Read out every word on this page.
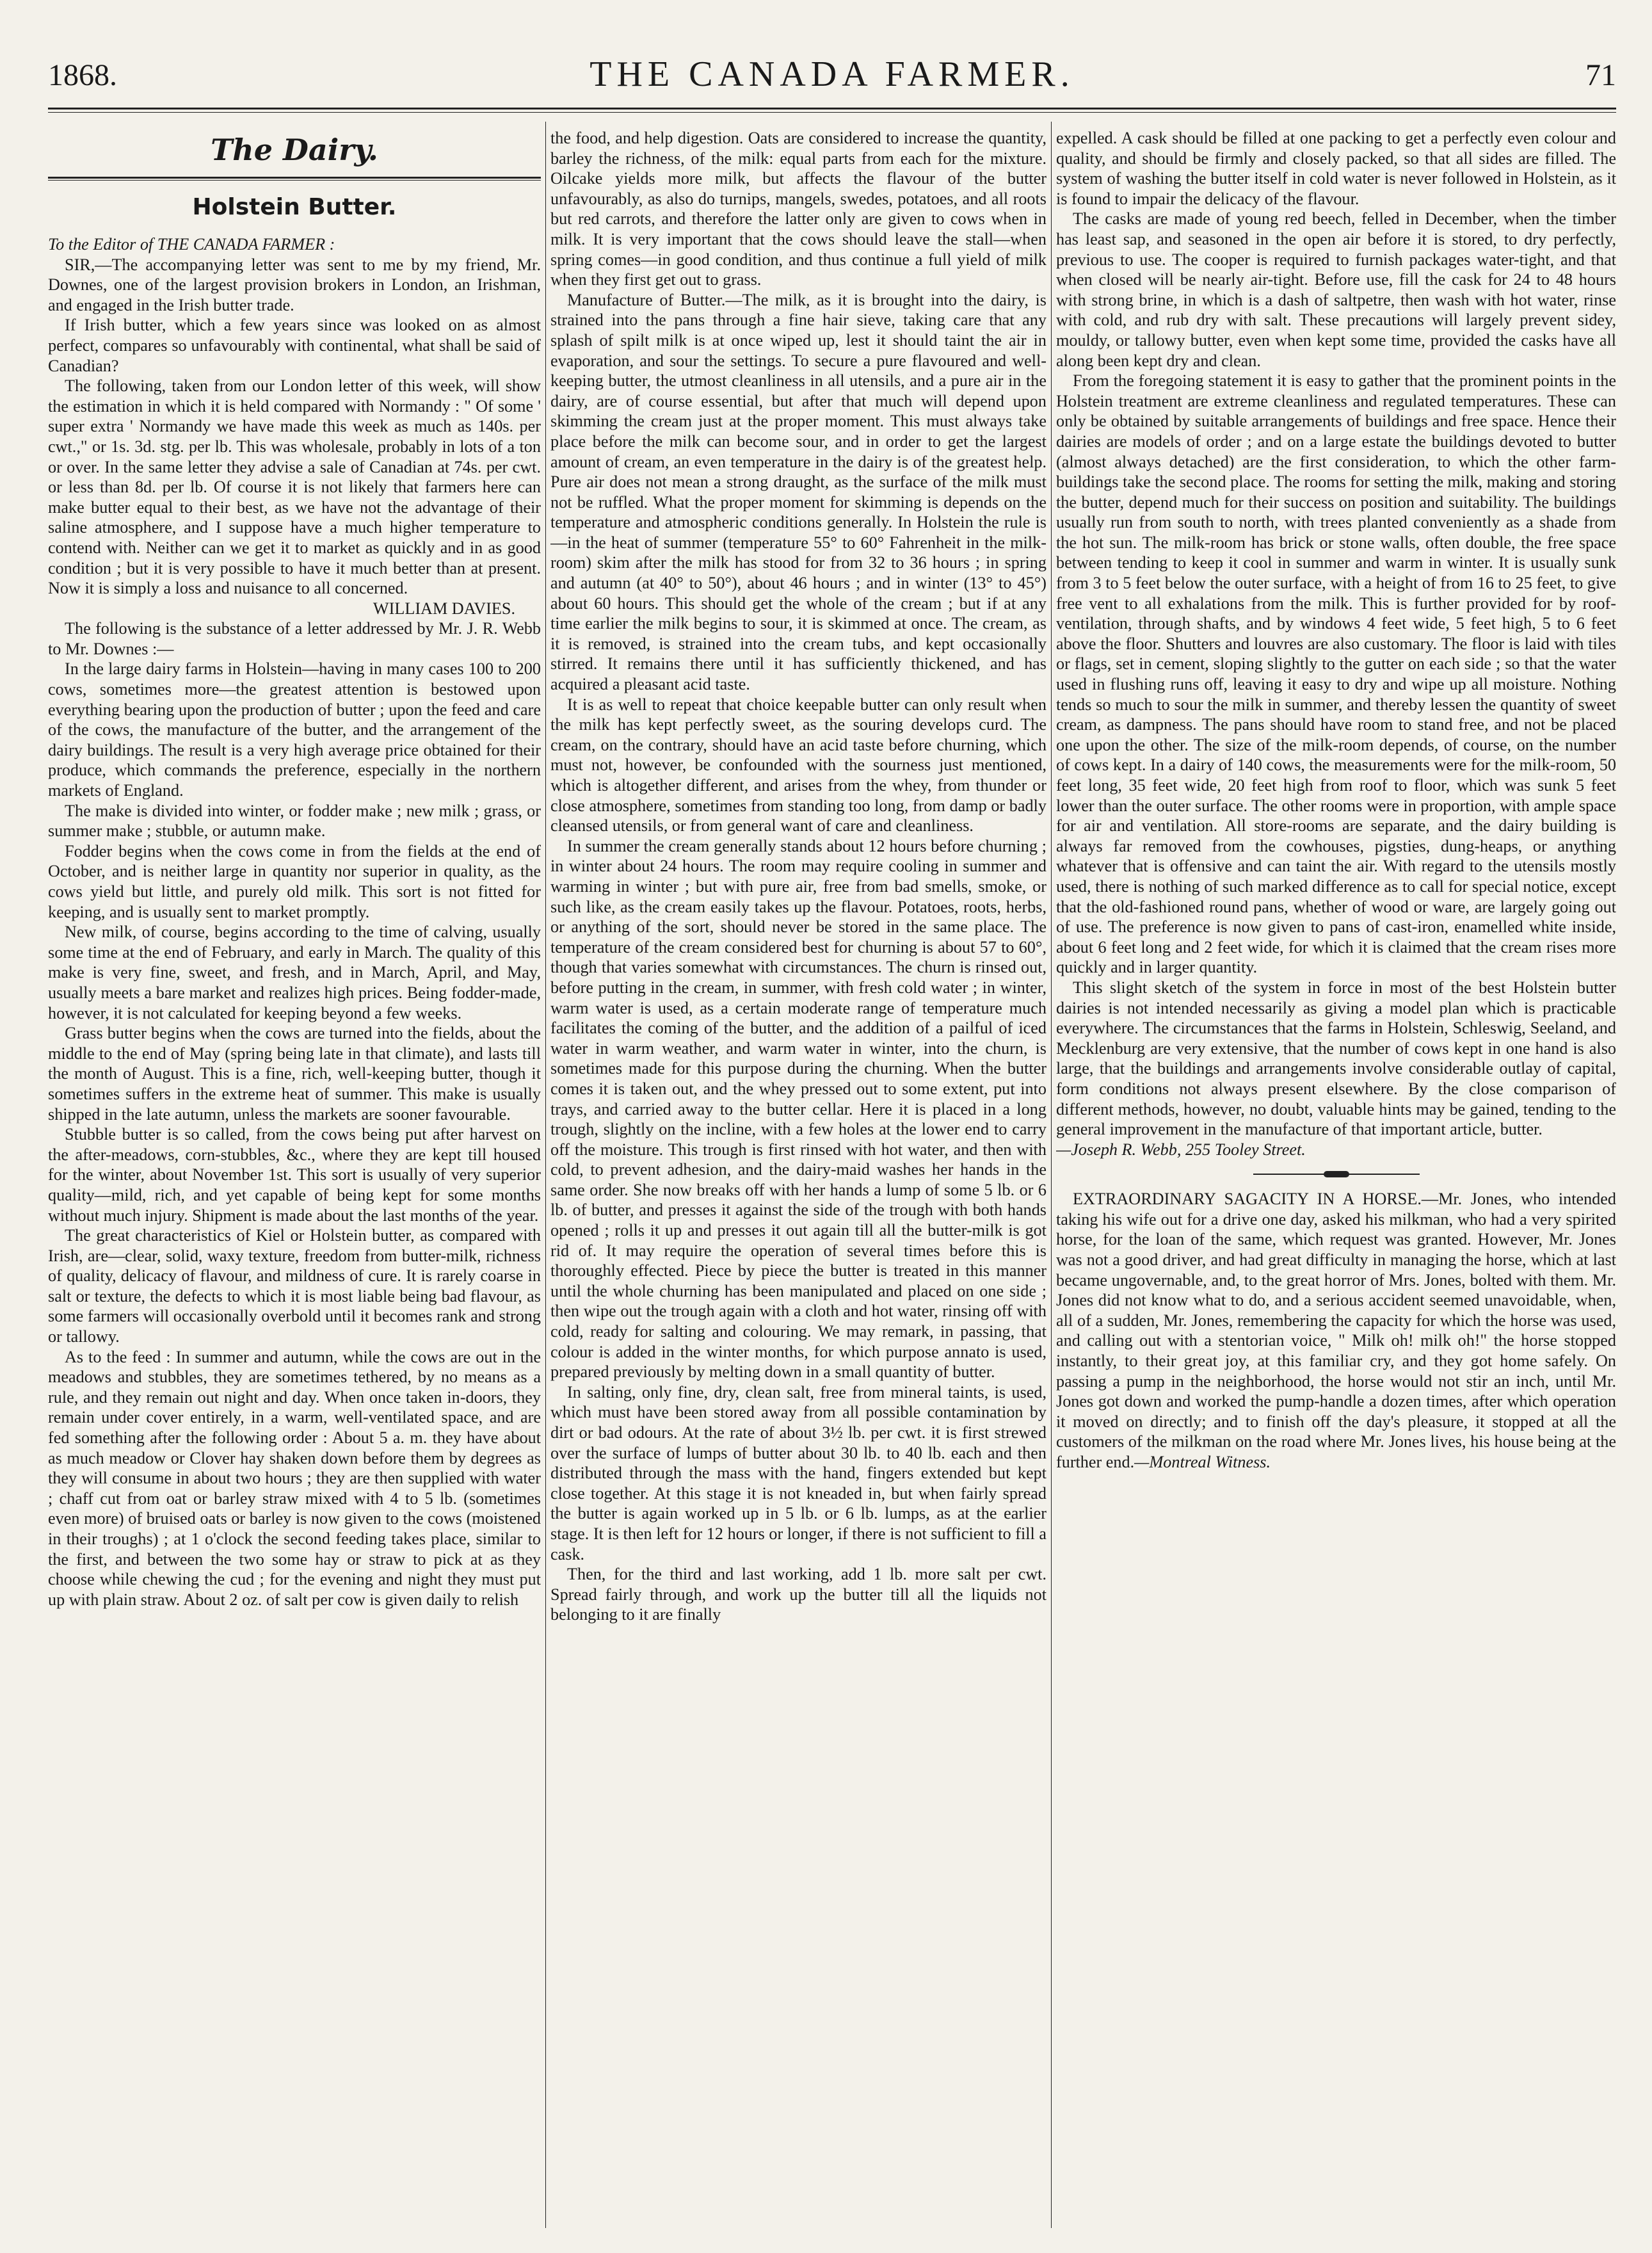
1868.	THE CANADA FARMER.	71
The Dairy.
Holstein Butter.

To the Editor of THE CANADA FARMER :

SIR,—The accompanying letter was sent to me by my friend, Mr. Downes, one of the largest provision brokers in London, an Irishman, and engaged in the Irish butter trade.

If Irish butter, which a few years since was looked on as almost perfect, compares so unfavourably with continental, what shall be said of Canadian?

The following, taken from our London letter of this week, will show the estimation in which it is held compared with Normandy : " Of some ' super extra ' Normandy we have made this week as much as 140s. per cwt.," or 1s. 3d. stg. per lb. This was wholesale, probably in lots of a ton or over. In the same letter they advise a sale of Canadian at 74s. per cwt. or less than 8d. per lb. Of course it is not likely that farmers here can make butter equal to their best, as we have not the advantage of their saline atmosphere, and I suppose have a much higher temperature to contend with. Neither can we get it to market as quickly and in as good condition ; but it is very possible to have it much better than at present. Now it is simply a loss and nuisance to all concerned.

WILLIAM DAVIES.

The following is the substance of a letter addressed by Mr. J. R. Webb to Mr. Downes :—

In the large dairy farms in Holstein—having in many cases 100 to 200 cows, sometimes more—the greatest attention is bestowed upon everything bearing upon the production of butter ; upon the feed and care of the cows, the manufacture of the butter, and the arrangement of the dairy buildings. The result is a very high average price obtained for their produce, which commands the preference, especially in the northern markets of England.

The make is divided into winter, or fodder make ; new milk ; grass, or summer make ; stubble, or autumn make.

Fodder begins when the cows come in from the fields at the end of October, and is neither large in quantity nor superior in quality, as the cows yield but little, and purely old milk. This sort is not fitted for keeping, and is usually sent to market promptly.

New milk, of course, begins according to the time of calving, usually some time at the end of February, and early in March. The quality of this make is very fine, sweet, and fresh, and in March, April, and May, usually meets a bare market and realizes high prices. Being fodder-made, however, it is not calculated for keeping beyond a few weeks.

Grass butter begins when the cows are turned into the fields, about the middle to the end of May (spring being late in that climate), and lasts till the month of August. This is a fine, rich, well-keeping butter, though it sometimes suffers in the extreme heat of summer. This make is usually shipped in the late autumn, unless the markets are sooner favourable.

Stubble butter is so called, from the cows being put after harvest on the after-meadows, corn-stubbles, &c., where they are kept till housed for the winter, about November 1st. This sort is usually of very superior quality—mild, rich, and yet capable of being kept for some months without much injury. Shipment is made about the last months of the year.

The great characteristics of Kiel or Holstein butter, as compared with Irish, are—clear, solid, waxy texture, freedom from butter-milk, richness of quality, delicacy of flavour, and mildness of cure. It is rarely coarse in salt or texture, the defects to which it is most liable being bad flavour, as some farmers will occasionally overbold until it becomes rank and strong or tallowy.

As to the feed : In summer and autumn, while the cows are out in the meadows and stubbles, they are sometimes tethered, by no means as a rule, and they remain out night and day. When once taken in-doors, they remain under cover entirely, in a warm, well-ventilated space, and are fed something after the following order : About 5 a. m. they have about as much meadow or Clover hay shaken down before them by degrees as they will consume in about two hours ; they are then supplied with water ; chaff cut from oat or barley straw mixed with 4 to 5 lb. (sometimes even more) of bruised oats or barley is now given to the cows (moistened in their troughs) ; at 1 o'clock the second feeding takes place, similar to the first, and between the two some hay or straw to pick at as they choose while chewing the cud ; for the evening and night they must put up with plain straw. About 2 oz. of salt per cow is given daily to relish

the food, and help digestion. Oats are considered to increase the quantity, barley the richness, of the milk: equal parts from each for the mixture. Oilcake yields more milk, but affects the flavour of the butter unfavourably, as also do turnips, mangels, swedes, potatoes, and all roots but red carrots, and therefore the latter only are given to cows when in milk. It is very important that the cows should leave the stall—when spring comes—in good condition, and thus continue a full yield of milk when they first get out to grass.

Manufacture of Butter.—The milk, as it is brought into the dairy, is strained into the pans through a fine hair sieve, taking care that any splash of spilt milk is at once wiped up, lest it should taint the air in evaporation, and sour the settings. To secure a pure flavoured and well-keeping butter, the utmost cleanliness in all utensils, and a pure air in the dairy, are of course essential, but after that much will depend upon skimming the cream just at the proper moment. This must always take place before the milk can become sour, and in order to get the largest amount of cream, an even temperature in the dairy is of the greatest help. Pure air does not mean a strong draught, as the surface of the milk must not be ruffled. What the proper moment for skimming is depends on the temperature and atmospheric conditions generally. In Holstein the rule is—in the heat of summer (temperature 55° to 60° Fahrenheit in the milk-room) skim after the milk has stood for from 32 to 36 hours ; in spring and autumn (at 40° to 50°), about 46 hours ; and in winter (13° to 45°) about 60 hours. This should get the whole of the cream ; but if at any time earlier the milk begins to sour, it is skimmed at once. The cream, as it is removed, is strained into the cream tubs, and kept occasionally stirred. It remains there until it has sufficiently thickened, and has acquired a pleasant acid taste.

It is as well to repeat that choice keepable butter can only result when the milk has kept perfectly sweet, as the souring develops curd. The cream, on the contrary, should have an acid taste before churning, which must not, however, be confounded with the sourness just mentioned, which is altogether different, and arises from the whey, from thunder or close atmosphere, sometimes from standing too long, from damp or badly cleansed utensils, or from general want of care and cleanliness.

In summer the cream generally stands about 12 hours before churning ; in winter about 24 hours. The room may require cooling in summer and warming in winter ; but with pure air, free from bad smells, smoke, or such like, as the cream easily takes up the flavour. Potatoes, roots, herbs, or anything of the sort, should never be stored in the same place. The temperature of the cream considered best for churning is about 57 to 60°, though that varies somewhat with circumstances. The churn is rinsed out, before putting in the cream, in summer, with fresh cold water ; in winter, warm water is used, as a certain moderate range of temperature much facilitates the coming of the butter, and the addition of a pailful of iced water in warm weather, and warm water in winter, into the churn, is sometimes made for this purpose during the churning. When the butter comes it is taken out, and the whey pressed out to some extent, put into trays, and carried away to the butter cellar. Here it is placed in a long trough, slightly on the incline, with a few holes at the lower end to carry off the moisture. This trough is first rinsed with hot water, and then with cold, to prevent adhesion, and the dairy-maid washes her hands in the same order. She now breaks off with her hands a lump of some 5 lb. or 6 lb. of butter, and presses it against the side of the trough with both hands opened ; rolls it up and presses it out again till all the butter-milk is got rid of. It may require the operation of several times before this is thoroughly effected. Piece by piece the butter is treated in this manner until the whole churning has been manipulated and placed on one side ; then wipe out the trough again with a cloth and hot water, rinsing off with cold, ready for salting and colouring. We may remark, in passing, that colour is added in the winter months, for which purpose annato is used, prepared previously by melting down in a small quantity of butter.

In salting, only fine, dry, clean salt, free from mineral taints, is used, which must have been stored away from all possible contamination by dirt or bad odours. At the rate of about 3½ lb. per cwt. it is first strewed over the surface of lumps of butter about 30 lb. to 40 lb. each and then distributed through the mass with the hand, fingers extended but kept close together. At this stage it is not kneaded in, but when fairly spread the butter is again worked up in 5 lb. or 6 lb. lumps, as at the earlier stage. It is then left for 12 hours or longer, if there is not sufficient to fill a cask.

Then, for the third and last working, add 1 lb. more salt per cwt. Spread fairly through, and work up the butter till all the liquids not belonging to it are finally

expelled. A cask should be filled at one packing to get a perfectly even colour and quality, and should be firmly and closely packed, so that all sides are filled. The system of washing the butter itself in cold water is never followed in Holstein, as it is found to impair the delicacy of the flavour.

The casks are made of young red beech, felled in December, when the timber has least sap, and seasoned in the open air before it is stored, to dry perfectly, previous to use. The cooper is required to furnish packages water-tight, and that when closed will be nearly air-tight. Before use, fill the cask for 24 to 48 hours with strong brine, in which is a dash of saltpetre, then wash with hot water, rinse with cold, and rub dry with salt. These precautions will largely prevent sidey, mouldy, or tallowy butter, even when kept some time, provided the casks have all along been kept dry and clean.

From the foregoing statement it is easy to gather that the prominent points in the Holstein treatment are extreme cleanliness and regulated temperatures. These can only be obtained by suitable arrangements of buildings and free space. Hence their dairies are models of order ; and on a large estate the buildings devoted to butter (almost always detached) are the first consideration, to which the other farm-buildings take the second place. The rooms for setting the milk, making and storing the butter, depend much for their success on position and suitability. The buildings usually run from south to north, with trees planted conveniently as a shade from the hot sun. The milk-room has brick or stone walls, often double, the free space between tending to keep it cool in summer and warm in winter. It is usually sunk from 3 to 5 feet below the outer surface, with a height of from 16 to 25 feet, to give free vent to all exhalations from the milk. This is further provided for by roof-ventilation, through shafts, and by windows 4 feet wide, 5 feet high, 5 to 6 feet above the floor. Shutters and louvres are also customary. The floor is laid with tiles or flags, set in cement, sloping slightly to the gutter on each side ; so that the water used in flushing runs off, leaving it easy to dry and wipe up all moisture. Nothing tends so much to sour the milk in summer, and thereby lessen the quantity of sweet cream, as dampness. The pans should have room to stand free, and not be placed one upon the other. The size of the milk-room depends, of course, on the number of cows kept. In a dairy of 140 cows, the measurements were for the milk-room, 50 feet long, 35 feet wide, 20 feet high from roof to floor, which was sunk 5 feet lower than the outer surface. The other rooms were in proportion, with ample space for air and ventilation. All store-rooms are separate, and the dairy building is always far removed from the cowhouses, pigsties, dung-heaps, or anything whatever that is offensive and can taint the air. With regard to the utensils mostly used, there is nothing of such marked difference as to call for special notice, except that the old-fashioned round pans, whether of wood or ware, are largely going out of use. The preference is now given to pans of cast-iron, enamelled white inside, about 6 feet long and 2 feet wide, for which it is claimed that the cream rises more quickly and in larger quantity.

This slight sketch of the system in force in most of the best Holstein butter dairies is not intended necessarily as giving a model plan which is practicable everywhere. The circumstances that the farms in Holstein, Schleswig, Seeland, and Mecklenburg are very extensive, that the number of cows kept in one hand is also large, that the buildings and arrangements involve considerable outlay of capital, form conditions not always present elsewhere. By the close comparison of different methods, however, no doubt, valuable hints may be gained, tending to the general improvement in the manufacture of that important article, butter.

—Joseph R. Webb, 255 Tooley Street.

EXTRAORDINARY SAGACITY IN A HORSE.—Mr. Jones, who intended taking his wife out for a drive one day, asked his milkman, who had a very spirited horse, for the loan of the same, which request was granted. However, Mr. Jones was not a good driver, and had great difficulty in managing the horse, which at last became ungovernable, and, to the great horror of Mrs. Jones, bolted with them. Mr. Jones did not know what to do, and a serious accident seemed unavoidable, when, all of a sudden, Mr. Jones, remembering the capacity for which the horse was used, and calling out with a stentorian voice, " Milk oh! milk oh!" the horse stopped instantly, to their great joy, at this familiar cry, and they got home safely. On passing a pump in the neighborhood, the horse would not stir an inch, until Mr. Jones got down and worked the pump-handle a dozen times, after which operation it moved on directly; and to finish off the day's pleasure, it stopped at all the customers of the milkman on the road where Mr. Jones lives, his house being at the further end.—Montreal Witness.
